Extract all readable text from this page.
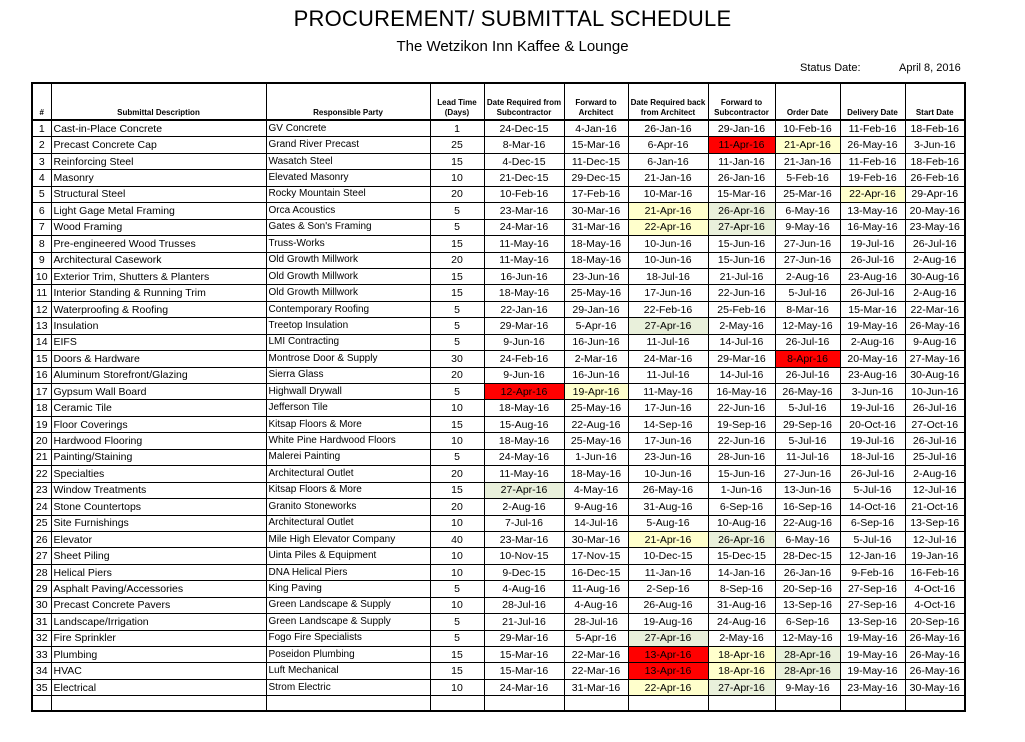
PROCUREMENT/ SUBMITTAL SCHEDULE
The Wetzikon Inn Kaffee & Lounge
Status Date:	April 8, 2016
#	Submittal Description	Responsible Party	Lead Time (Days)	Date Required from Subcontractor	Forward to Architect	Date Required back from Architect	Forward to Subcontractor	Order Date	Delivery Date	Start Date
1	Cast-in-Place Concrete	GV Concrete	1	24-Dec-15	4-Jan-16	26-Jan-16	29-Jan-16	10-Feb-16	11-Feb-16	18-Feb-16
2	Precast Concrete Cap	Grand River Precast	25	8-Mar-16	15-Mar-16	6-Apr-16	11-Apr-16	21-Apr-16	26-May-16	3-Jun-16
3	Reinforcing Steel	Wasatch Steel	15	4-Dec-15	11-Dec-15	6-Jan-16	11-Jan-16	21-Jan-16	11-Feb-16	18-Feb-16
4	Masonry	Elevated Masonry	10	21-Dec-15	29-Dec-15	21-Jan-16	26-Jan-16	5-Feb-16	19-Feb-16	26-Feb-16
5	Structural Steel	Rocky Mountain Steel	20	10-Feb-16	17-Feb-16	10-Mar-16	15-Mar-16	25-Mar-16	22-Apr-16	29-Apr-16
6	Light Gage Metal Framing	Orca Acoustics	5	23-Mar-16	30-Mar-16	21-Apr-16	26-Apr-16	6-May-16	13-May-16	20-May-16
7	Wood Framing	Gates & Son's Framing	5	24-Mar-16	31-Mar-16	22-Apr-16	27-Apr-16	9-May-16	16-May-16	23-May-16
8	Pre-engineered Wood Trusses	Truss-Works	15	11-May-16	18-May-16	10-Jun-16	15-Jun-16	27-Jun-16	19-Jul-16	26-Jul-16
9	Architectural Casework	Old Growth Millwork	20	11-May-16	18-May-16	10-Jun-16	15-Jun-16	27-Jun-16	26-Jul-16	2-Aug-16
10	Exterior Trim, Shutters & Planters	Old Growth Millwork	15	16-Jun-16	23-Jun-16	18-Jul-16	21-Jul-16	2-Aug-16	23-Aug-16	30-Aug-16
11	Interior Standing & Running Trim	Old Growth Millwork	15	18-May-16	25-May-16	17-Jun-16	22-Jun-16	5-Jul-16	26-Jul-16	2-Aug-16
12	Waterproofing & Roofing	Contemporary Roofing	5	22-Jan-16	29-Jan-16	22-Feb-16	25-Feb-16	8-Mar-16	15-Mar-16	22-Mar-16
13	Insulation	Treetop Insulation	5	29-Mar-16	5-Apr-16	27-Apr-16	2-May-16	12-May-16	19-May-16	26-May-16
14	EIFS	LMI Contracting	5	9-Jun-16	16-Jun-16	11-Jul-16	14-Jul-16	26-Jul-16	2-Aug-16	9-Aug-16
15	Doors & Hardware	Montrose Door & Supply	30	24-Feb-16	2-Mar-16	24-Mar-16	29-Mar-16	8-Apr-16	20-May-16	27-May-16
16	Aluminum Storefront/Glazing	Sierra Glass	20	9-Jun-16	16-Jun-16	11-Jul-16	14-Jul-16	26-Jul-16	23-Aug-16	30-Aug-16
17	Gypsum Wall Board	Highwall Drywall	5	12-Apr-16	19-Apr-16	11-May-16	16-May-16	26-May-16	3-Jun-16	10-Jun-16
18	Ceramic Tile	Jefferson Tile	10	18-May-16	25-May-16	17-Jun-16	22-Jun-16	5-Jul-16	19-Jul-16	26-Jul-16
19	Floor Coverings	Kitsap Floors & More	15	15-Aug-16	22-Aug-16	14-Sep-16	19-Sep-16	29-Sep-16	20-Oct-16	27-Oct-16
20	Hardwood Flooring	White Pine Hardwood Floors	10	18-May-16	25-May-16	17-Jun-16	22-Jun-16	5-Jul-16	19-Jul-16	26-Jul-16
21	Painting/Staining	Malerei Painting	5	24-May-16	1-Jun-16	23-Jun-16	28-Jun-16	11-Jul-16	18-Jul-16	25-Jul-16
22	Specialties	Architectural Outlet	20	11-May-16	18-May-16	10-Jun-16	15-Jun-16	27-Jun-16	26-Jul-16	2-Aug-16
23	Window Treatments	Kitsap Floors & More	15	27-Apr-16	4-May-16	26-May-16	1-Jun-16	13-Jun-16	5-Jul-16	12-Jul-16
24	Stone Countertops	Granito Stoneworks	20	2-Aug-16	9-Aug-16	31-Aug-16	6-Sep-16	16-Sep-16	14-Oct-16	21-Oct-16
25	Site Furnishings	Architectural Outlet	10	7-Jul-16	14-Jul-16	5-Aug-16	10-Aug-16	22-Aug-16	6-Sep-16	13-Sep-16
26	Elevator	Mile High Elevator Company	40	23-Mar-16	30-Mar-16	21-Apr-16	26-Apr-16	6-May-16	5-Jul-16	12-Jul-16
27	Sheet Piling	Uinta Piles & Equipment	10	10-Nov-15	17-Nov-15	10-Dec-15	15-Dec-15	28-Dec-15	12-Jan-16	19-Jan-16
28	Helical Piers	DNA Helical Piers	10	9-Dec-15	16-Dec-15	11-Jan-16	14-Jan-16	26-Jan-16	9-Feb-16	16-Feb-16
29	Asphalt Paving/Accessories	King Paving	5	4-Aug-16	11-Aug-16	2-Sep-16	8-Sep-16	20-Sep-16	27-Sep-16	4-Oct-16
30	Precast Concrete Pavers	Green Landscape & Supply	10	28-Jul-16	4-Aug-16	26-Aug-16	31-Aug-16	13-Sep-16	27-Sep-16	4-Oct-16
31	Landscape/Irrigation	Green Landscape & Supply	5	21-Jul-16	28-Jul-16	19-Aug-16	24-Aug-16	6-Sep-16	13-Sep-16	20-Sep-16
32	Fire Sprinkler	Fogo Fire Specialists	5	29-Mar-16	5-Apr-16	27-Apr-16	2-May-16	12-May-16	19-May-16	26-May-16
33	Plumbing	Poseidon Plumbing	15	15-Mar-16	22-Mar-16	13-Apr-16	18-Apr-16	28-Apr-16	19-May-16	26-May-16
34	HVAC	Luft Mechanical	15	15-Mar-16	22-Mar-16	13-Apr-16	18-Apr-16	28-Apr-16	19-May-16	26-May-16
35	Electrical	Strom Electric	10	24-Mar-16	31-Mar-16	22-Apr-16	27-Apr-16	9-May-16	23-May-16	30-May-16
